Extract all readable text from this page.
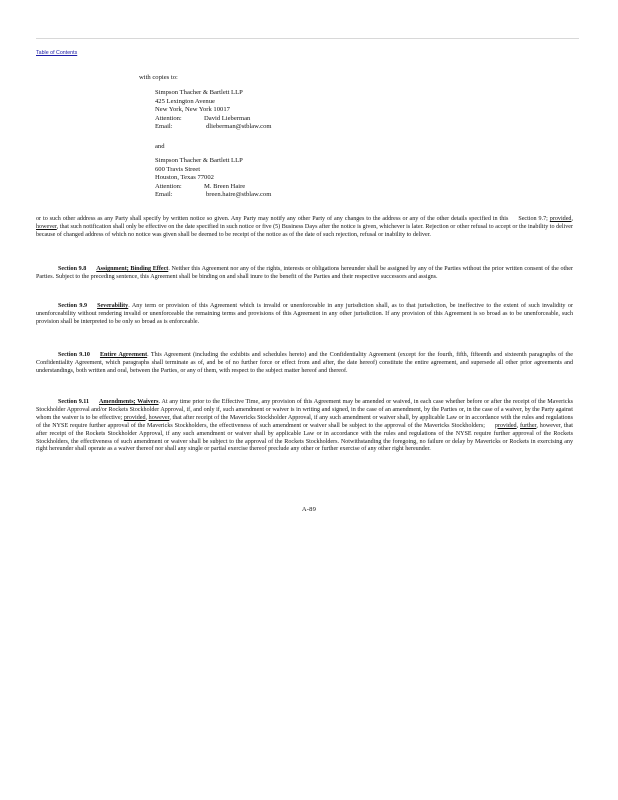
Table of Contents
with copies to:
Simpson Thacher & Bartlett LLP
425 Lexington Avenue
New York, New York 10017
Attention:	David Lieberman
Email:	dlieberman@stblaw.com
and
Simpson Thacher & Bartlett LLP
600 Travis Street
Houston, Texas 77002
Attention:	M. Breen Haire
Email:	breen.haire@stblaw.com
or to such other address as any Party shall specify by written notice so given. Any Party may notify any other Party of any changes to the address or any of the other details specified in this Section 9.7; provided, however, that such notification shall only be effective on the date specified in such notice or five (5) Business Days after the notice is given, whichever is later. Rejection or other refusal to accept or the inability to deliver because of changed address of which no notice was given shall be deemed to be receipt of the notice as of the date of such rejection, refusal or inability to deliver.
Section 9.8 Assignment; Binding Effect. Neither this Agreement nor any of the rights, interests or obligations hereunder shall be assigned by any of the Parties without the prior written consent of the other Parties. Subject to the preceding sentence, this Agreement shall be binding on and shall inure to the benefit of the Parties and their respective successors and assigns.
Section 9.9 Severability. Any term or provision of this Agreement which is invalid or unenforceable in any jurisdiction shall, as to that jurisdiction, be ineffective to the extent of such invalidity or unenforceability without rendering invalid or unenforceable the remaining terms and provisions of this Agreement in any other jurisdiction. If any provision of this Agreement is so broad as to be unenforceable, such provision shall be interpreted to be only so broad as is enforceable.
Section 9.10 Entire Agreement. This Agreement (including the exhibits and schedules hereto) and the Confidentiality Agreement (except for the fourth, fifth, fifteenth and sixteenth paragraphs of the Confidentiality Agreement, which paragraphs shall terminate as of, and be of no further force or effect from and after, the date hereof) constitute the entire agreement, and supersede all other prior agreements and understandings, both written and oral, between the Parties, or any of them, with respect to the subject matter hereof and thereof.
Section 9.11 Amendments; Waivers. At any time prior to the Effective Time, any provision of this Agreement may be amended or waived, in each case whether before or after the receipt of the Mavericks Stockholder Approval and/or Rockets Stockholder Approval, if, and only if, such amendment or waiver is in writing and signed, in the case of an amendment, by the Parties or, in the case of a waiver, by the Party against whom the waiver is to be effective; provided, however, that after receipt of the Mavericks Stockholder Approval, if any such amendment or waiver shall, by applicable Law or in accordance with the rules and regulations of the NYSE require further approval of the Mavericks Stockholders, the effectiveness of such amendment or waiver shall be subject to the approval of the Mavericks Stockholders; provided, further, however, that after receipt of the Rockets Stockholder Approval, if any such amendment or waiver shall by applicable Law or in accordance with the rules and regulations of the NYSE require further approval of the Rockets Stockholders, the effectiveness of such amendment or waiver shall be subject to the approval of the Rockets Stockholders. Notwithstanding the foregoing, no failure or delay by Mavericks or Rockets in exercising any right hereunder shall operate as a waiver thereof nor shall any single or partial exercise thereof preclude any other or further exercise of any other right hereunder.
A-89
